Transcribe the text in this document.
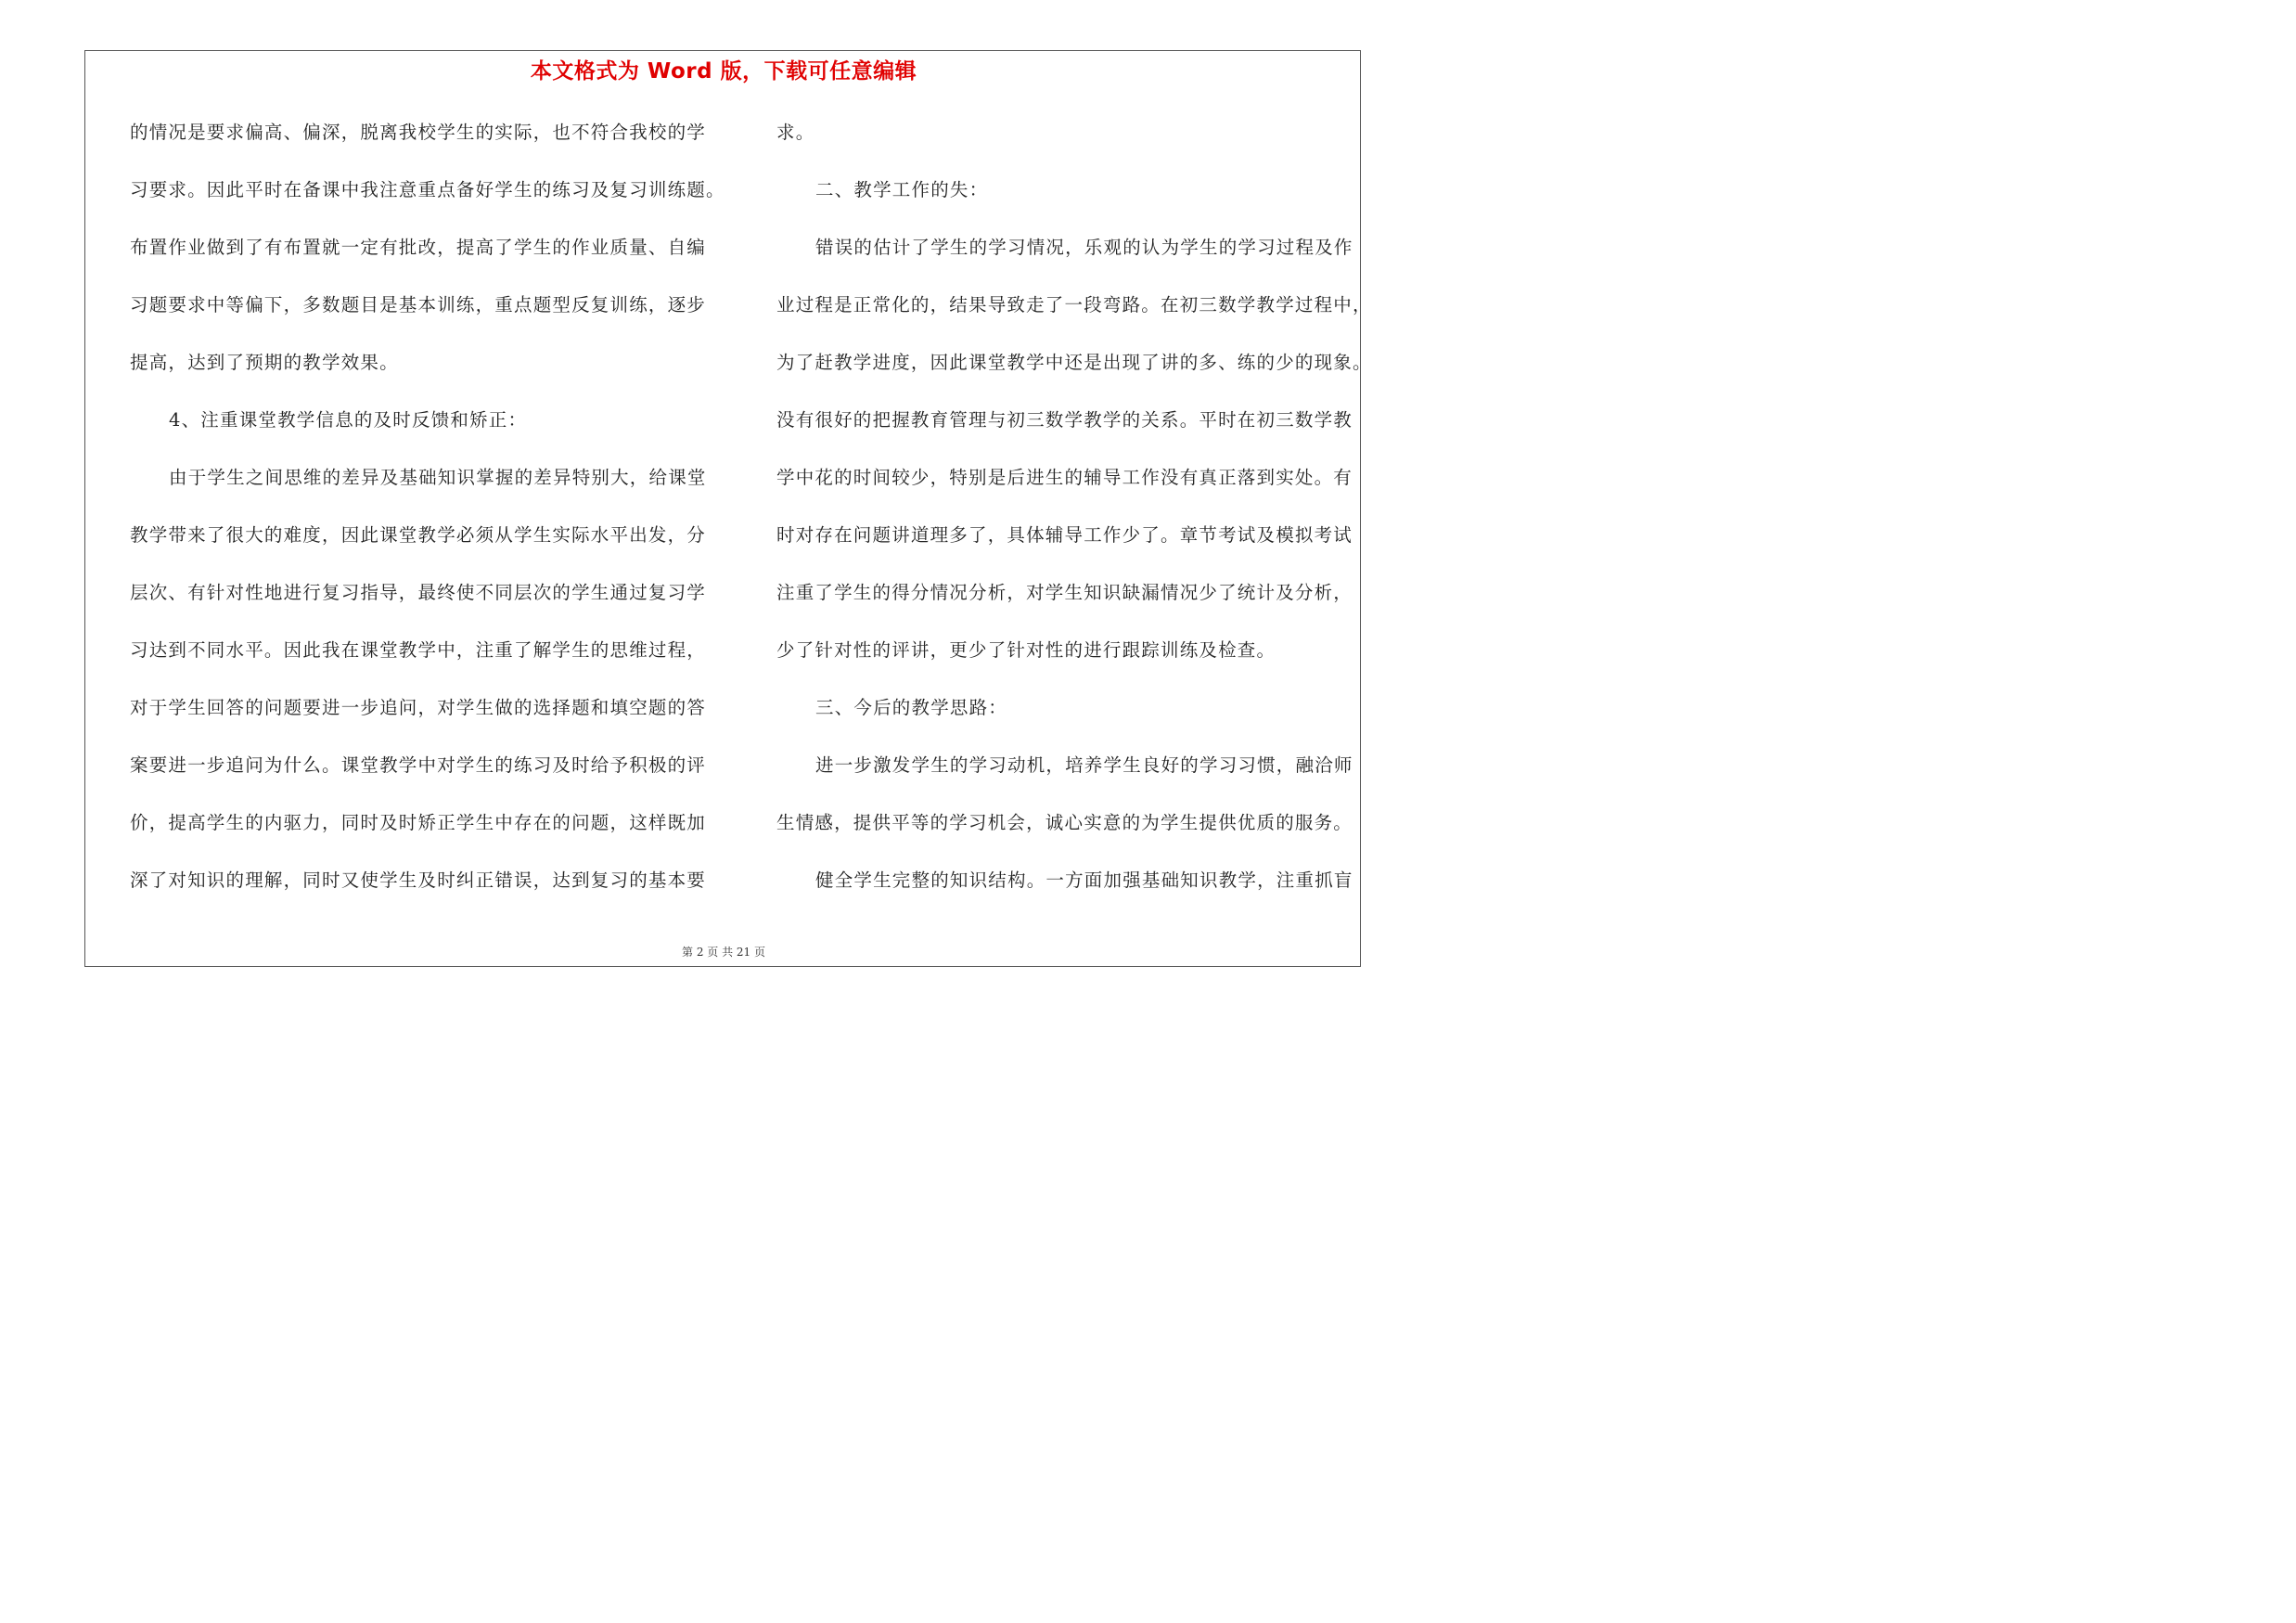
本文格式为 Word 版，下载可任意编辑
的情况是要求偏高、偏深，脱离我校学生的实际，也不符合我校的学
习要求。因此平时在备课中我注意重点备好学生的练习及复习训练题。
布置作业做到了有布置就一定有批改，提高了学生的作业质量、自编
习题要求中等偏下，多数题目是基本训练，重点题型反复训练，逐步
提高，达到了预期的教学效果。
4、注重课堂教学信息的及时反馈和矫正：
由于学生之间思维的差异及基础知识掌握的差异特别大，给课堂
教学带来了很大的难度，因此课堂教学必须从学生实际水平出发，分
层次、有针对性地进行复习指导，最终使不同层次的学生通过复习学
习达到不同水平。因此我在课堂教学中，注重了解学生的思维过程，
对于学生回答的问题要进一步追问，对学生做的选择题和填空题的答
案要进一步追问为什么。课堂教学中对学生的练习及时给予积极的评
价，提高学生的内驱力，同时及时矫正学生中存在的问题，这样既加
深了对知识的理解，同时又使学生及时纠正错误，达到复习的基本要
求。
二、教学工作的失：
错误的估计了学生的学习情况，乐观的认为学生的学习过程及作
业过程是正常化的，结果导致走了一段弯路。在初三数学教学过程中，
为了赶教学进度，因此课堂教学中还是出现了讲的多、练的少的现象。
没有很好的把握教育管理与初三数学教学的关系。平时在初三数学教
学中花的时间较少，特别是后进生的辅导工作没有真正落到实处。有
时对存在问题讲道理多了，具体辅导工作少了。章节考试及模拟考试
注重了学生的得分情况分析，对学生知识缺漏情况少了统计及分析，
少了针对性的评讲，更少了针对性的进行跟踪训练及检查。
三、今后的教学思路：
进一步激发学生的学习动机，培养学生良好的学习习惯，融洽师
生情感，提供平等的学习机会，诚心实意的为学生提供优质的服务。
健全学生完整的知识结构。一方面加强基础知识教学，注重抓盲
第 2 页 共 21 页
